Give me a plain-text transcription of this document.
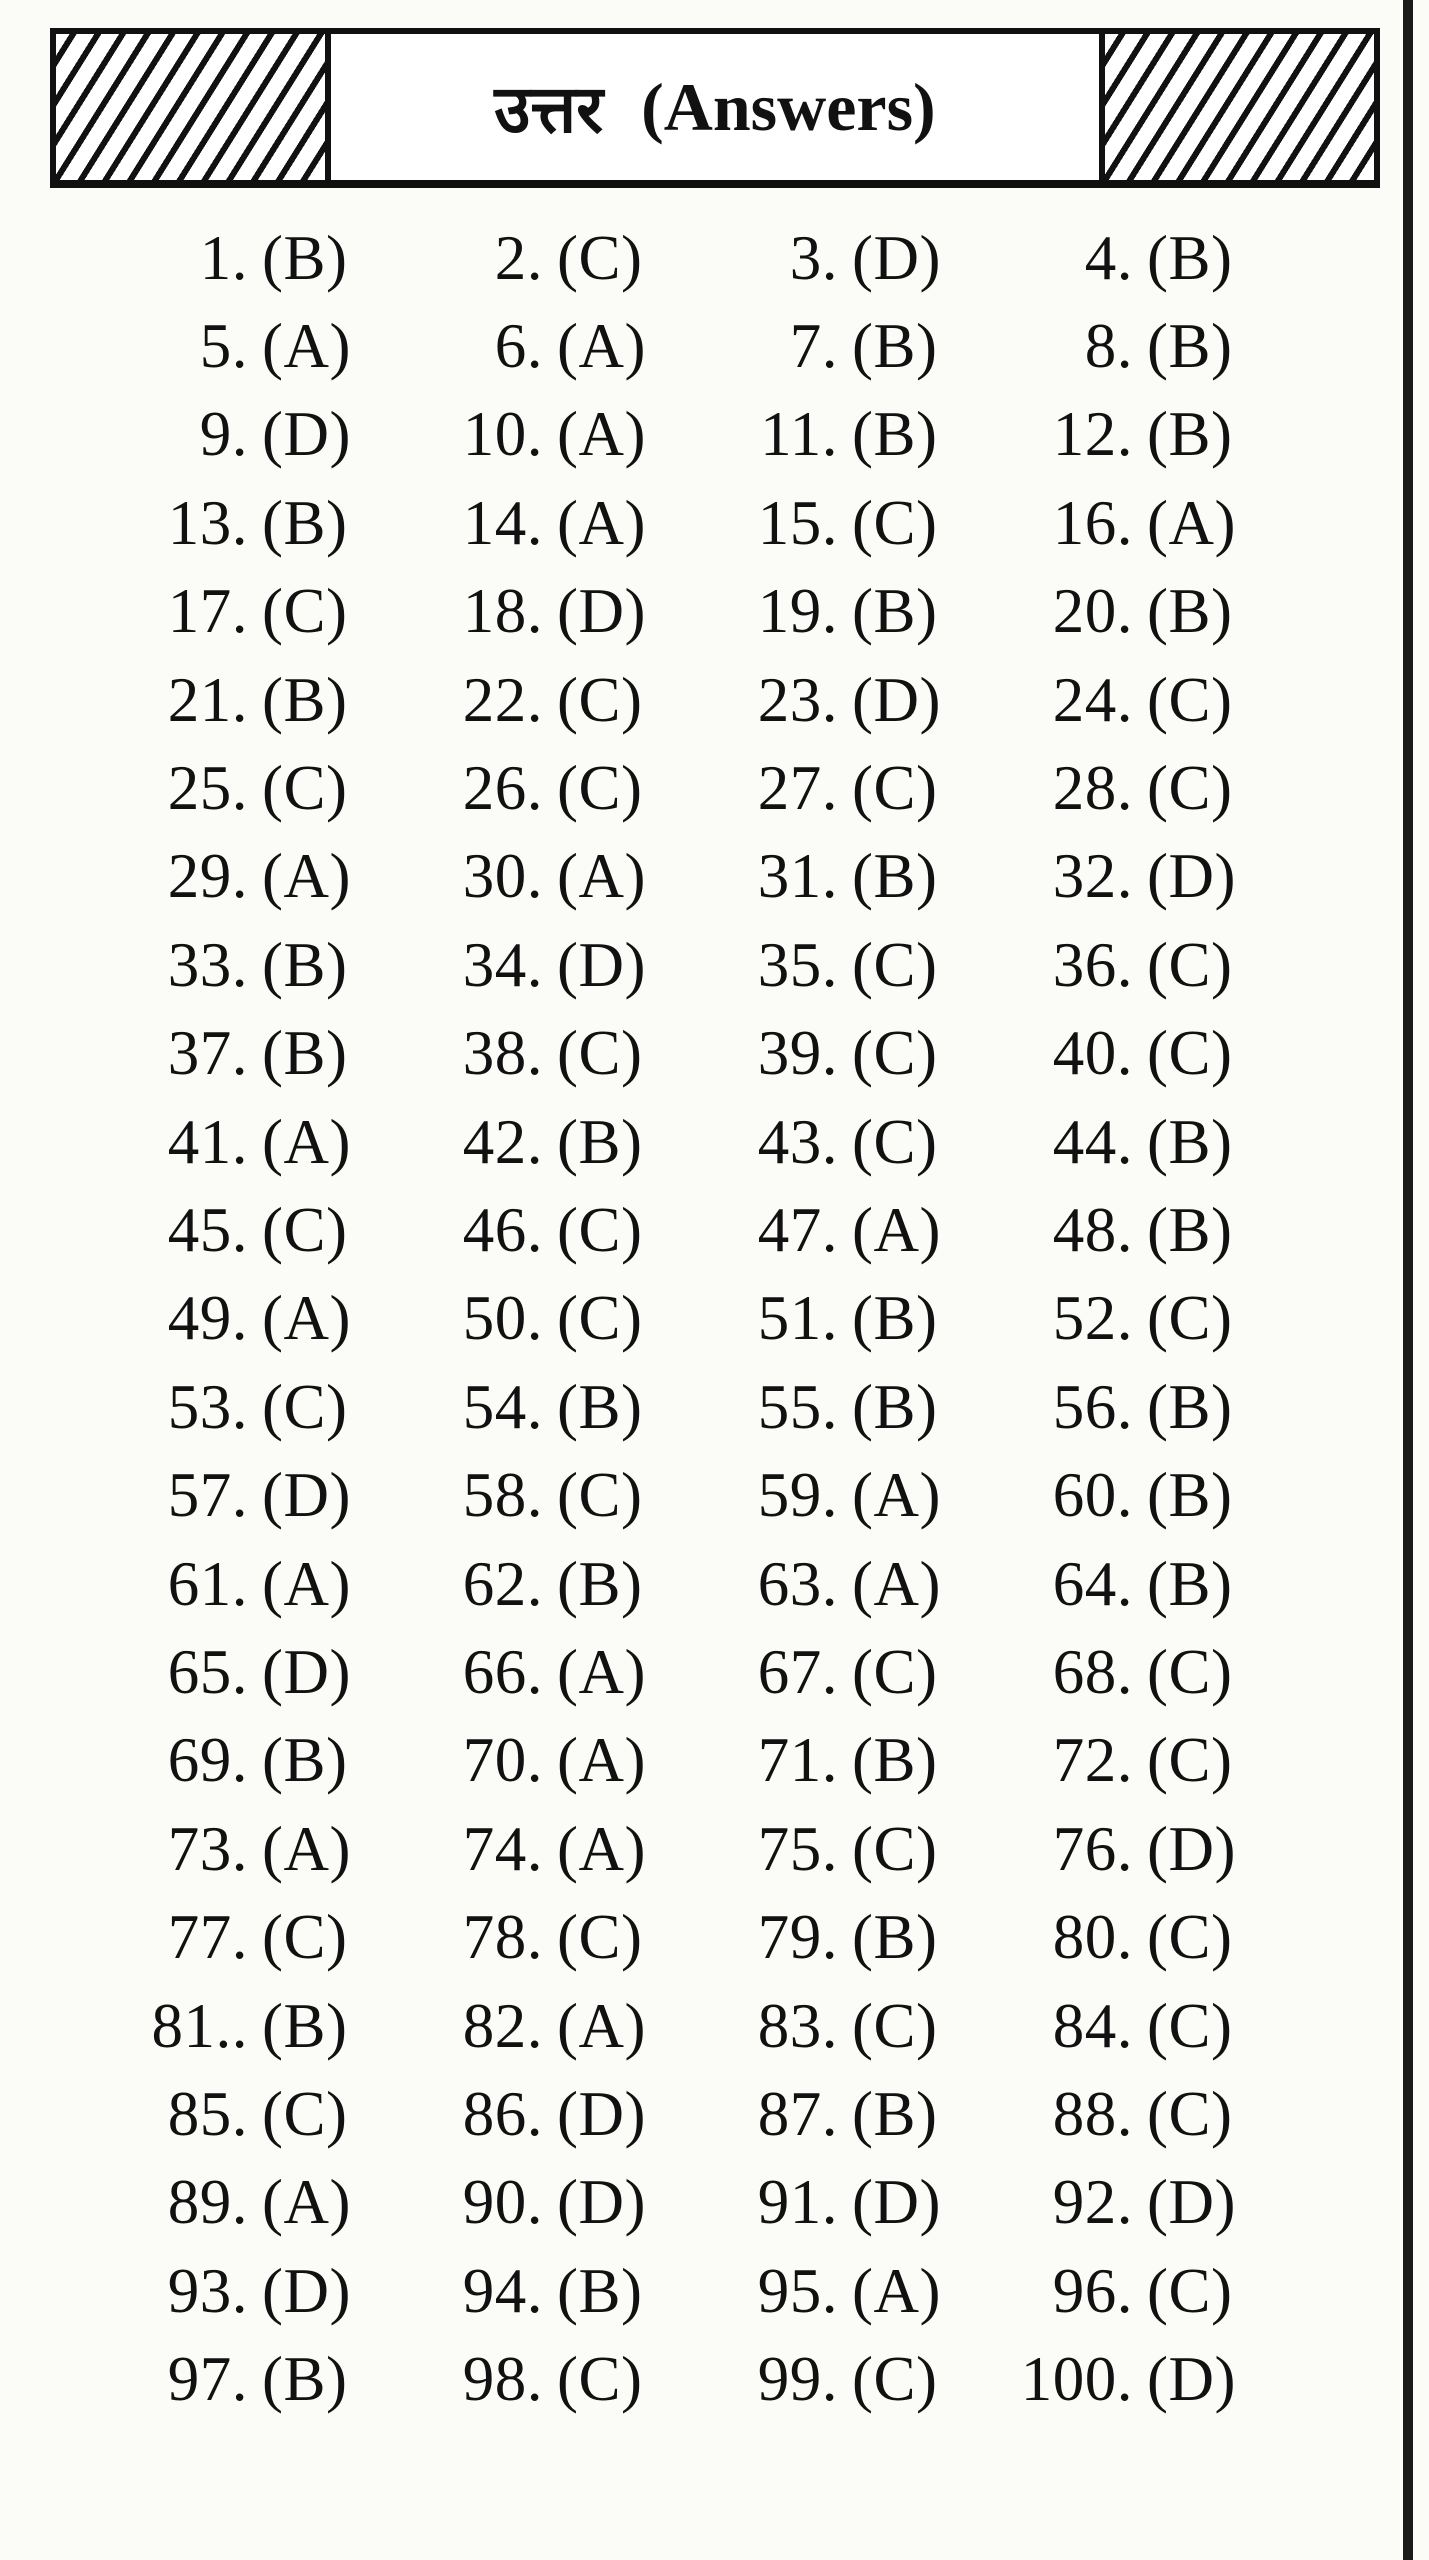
उत्तर (Answers)
1. (B)	2. (C)	3. (D)	4. (B)
5. (A)	6. (A)	7. (B)	8. (B)
9. (D)	10. (A)	11. (B)	12. (B)
13. (B)	14. (A)	15. (C)	16. (A)
17. (C)	18. (D)	19. (B)	20. (B)
21. (B)	22. (C)	23. (D)	24. (C)
25. (C)	26. (C)	27. (C)	28. (C)
29. (A)	30. (A)	31. (B)	32. (D)
33. (B)	34. (D)	35. (C)	36. (C)
37. (B)	38. (C)	39. (C)	40. (C)
41. (A)	42. (B)	43. (C)	44. (B)
45. (C)	46. (C)	47. (A)	48. (B)
49. (A)	50. (C)	51. (B)	52. (C)
53. (C)	54. (B)	55. (B)	56. (B)
57. (D)	58. (C)	59. (A)	60. (B)
61. (A)	62. (B)	63. (A)	64. (B)
65. (D)	66. (A)	67. (C)	68. (C)
69. (B)	70. (A)	71. (B)	72. (C)
73. (A)	74. (A)	75. (C)	76. (D)
77. (C)	78. (C)	79. (B)	80. (C)
81.. (B)	82. (A)	83. (C)	84. (C)
85. (C)	86. (D)	87. (B)	88. (C)
89. (A)	90. (D)	91. (D)	92. (D)
93. (D)	94. (B)	95. (A)	96. (C)
97. (B)	98. (C)	99. (C) 100. (D)
